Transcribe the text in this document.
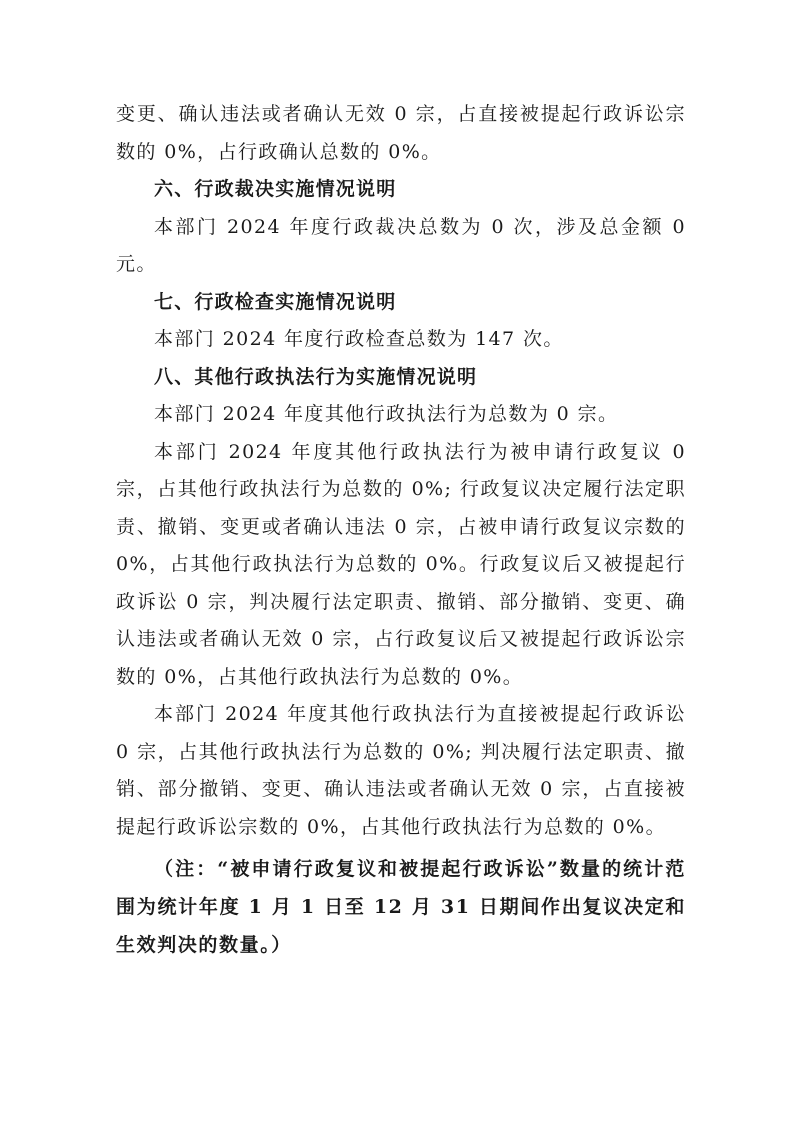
变更、确认违法或者确认无效 0 宗，占直接被提起行政诉讼宗数的 0%，占行政确认总数的 0%。

六、行政裁决实施情况说明

本部门 2024 年度行政裁决总数为 0 次，涉及总金额 0 元。

七、行政检查实施情况说明

本部门 2024 年度行政检查总数为 147 次。

八、其他行政执法行为实施情况说明

本部门 2024 年度其他行政执法行为总数为 0 宗。

本部门 2024 年度其他行政执法行为被申请行政复议 0 宗，占其他行政执法行为总数的 0%; 行政复议决定履行法定职责、撤销、变更或者确认违法 0 宗，占被申请行政复议宗数的 0%，占其他行政执法行为总数的 0%。行政复议后又被提起行政诉讼 0 宗，判决履行法定职责、撤销、部分撤销、变更、确认违法或者确认无效 0 宗，占行政复议后又被提起行政诉讼宗数的 0%，占其他行政执法行为总数的 0%。

本部门 2024 年度其他行政执法行为直接被提起行政诉讼 0 宗，占其他行政执法行为总数的 0%; 判决履行法定职责、撤销、部分撤销、变更、确认违法或者确认无效 0 宗，占直接被提起行政诉讼宗数的 0%，占其他行政执法行为总数的 0%。

（注：“被申请行政复议和被提起行政诉讼”数量的统计范围为统计年度 1 月 1 日至 12 月 31 日期间作出复议决定和生效判决的数量。）
